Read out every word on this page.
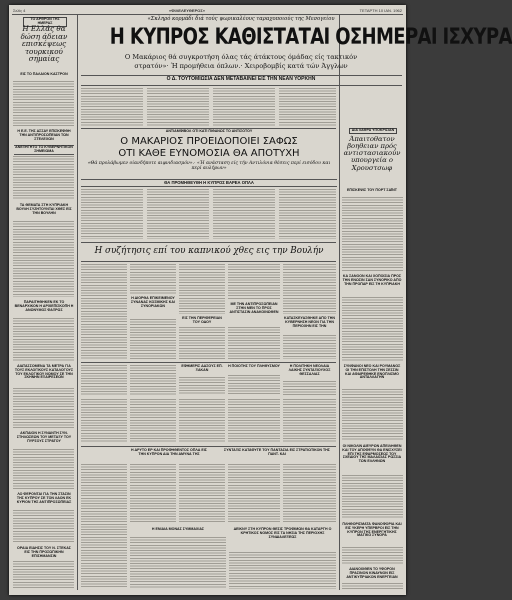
Σελίς 4	«ΦΙΛΕΛΕΥΘΕΡΟΣ»	ΤΕΤΑΡΤΗ 10 ΙΑΝ. 1962
ΤΟ ΑΡΘΡΟΝ ΤΗΣ ΗΜΕΡΑΣ
Η Ελλάς θα δώση άδειαν επισκέψεως τουρκικού σημαίας
ΕΙΣ ΤΟ ΠΑΛΑΙΟΝ ΚΑΣΤΡΟΝ
Η Ε.Ε. ΤΗΣ ΑΣΣΑΥ ΕΠΙΣΚΕΦΘΗ ΤΗΝ ΑΝΤΙΠΡΟΣΩΠΕΙΑΝ ΤΩΝ ΣΤΕΛΕΧΩΝ
ΑΝΕΞΗΓΗΤΟ ΤΟ ΚΥΒΕΡΝΗΤΙΚΟΝ ΣΗΜΕΙΩΜΑ
ΤΑ ΘΕΜΑΤΑ ΣΤΗ ΚΥΠΡΙΑΚΗ ΒΟΥΛΗ ΣΥΖΗΤΟΥΝΤΑΙ ΧΘΕΣ ΕΙΣ ΤΗΝ ΒΟΥΛΗΝ
ΠΑΡΑΙΤΗΘΗΚΕΝ ΕΚ ΤΟ ΒΕΝΑΡΧΙΚΟΝ Η ΑΡΧΙΕΠΙΣΚΟΠΗ Η ΑΝΩΝΥΜΟΣ ΦΑΞΡΩΣ
ΔΙΑΤΑΣΣΟΜΕΝΑ ΤΑ ΜΕΤΡΑ ΓΙΑ ΤΟΥΣ ΕΚΛΟΓΙΚΟΥΣ ΚΑΤΑΛΟΓΟΥΣ ΤΟΥ ΕΚΛΟΓΙΚΟΥ ΝΟΜΟΥ ΣΕ ΤΗΝ ΣΚΗΝΗΝ ΕΞΑΙΡΕΣΕΩΝ
ΑΚΠΑΙΟΝ Η ΣΥΝΑΝΤΗ ΣΥΝ. ΣΤΗΛΩΣΕΩΝ ΤΟΥ ΜΕΤΑΞΥ ΤΟΥ ΠΥΡΣΟΥΣ ΣΤΡΑΤΟΥ
ΛΟ ΦΕΡΟΝΤΑΙ ΓΙΑ ΤΗΝ ΣΤΑΣΙΝ ΤΗΣ ΚΥΠΡΟΥ ΣΕ ΤΟΝ ΛΑΟΝ ΕΚ ΚΥΡΙΟΝ ΤΗΣ ΑΝΤΙΠΡΟΣΩΠΕΙΑΣ
ΟΡΑΙΑ ΕΙΔΗΣΙΣ ΤΟΥ Ν. ΣΤΕΚΑΣ ΕΙΣ ΤΗΝ ΠΡΟΣΩΠΙΚΗΝ ΕΠΙΣΗΜΑΝΣΙΝ
«Σκληρό κορμάδι διά τούς ψωρικαλέους ταραχοποιούς της Μεσογείου
Η ΚΥΠΡΟΣ ΚΑΘΙΣΤΑΤΑΙ ΟΣΗΜΕΡΑΙ ΙΣΧΥΡΑ
Ο Μακάριος θά συγκροτήση όλας τάς άτάκτους όμάδας είς τακτικόν
στρατόν»· Ή προμήθεια όπλων.· Χειροβομβίς κατά τών Άγγλων
Ο Δ. ΤΟΥΤΟΜΙΩΣΙΑ ΔΕΝ ΜΕΤΑΒΑΙΝΕΙ ΕΙΣ ΤΗΝ ΝΕΑΝ ΥΟΡΚΗΝ
ΑΝΤΙΑΜΦΙΒΟΛ ΟΤΙ ΚΑΤΙ ΠΙΘΑΝΩΣ ΤΟ ΑΝΤΙΣΟΤΟΥ
Ο ΜΑΚΑΡΙΟΣ ΠΡΟΕΙΔΟΠΟΙΕΙ ΣΑΦΩΣ
ΟΤΙ ΚΑΘΕ ΕΥΝΟΜΟΣΙΑ ΘΑ ΑΠΟΤΥΧΗ
«Θά προλάβωμεν οίανδήποτε αιφνιδιασμόν».· «Ή ανάσταση είς τήν Αντιλόνια θέσεις περί εισόδου και περί αυλήρων»
ΘΑ ΠΡΟΜΗΘΕΥΘΗ Η ΚΥΠΡΟΣ ΒΑΡΕΑ ΟΠΛΑ
Η συζήτησις επί του καπνικού χθες εις την Βουλήν
Η ΔΙΟΡΘΑ ΕΠΙΚΕΙΜΕΝΟΥ ΣΥΝΑΝΑΣ ΚΟΣΜΙΚΗΣ ΚΑΙ ΣΥΝΟΡΙΑΚΩΝ	ΜΕ ΤΗΝ ΑΝΤΙΠΡΟΣΩΠΕΙΑΝ ΣΤΗΝ ΜΕΝ ΤΟ ΠΡΟΣ ΑΝΤΙΣΤΑΣΙΝ ΑΝΑΚΟΙΝΩΘΕΝ
ΕΙΣ ΤΗΝ ΠΕΡΙΦΕΡΕΙΑΝ ΤΟΥ ΟΔΟΥ
ΚΑΤΑΣΚΕΥΑΣΘΗΚΕ ΑΠΟ ΤΗΝ ΚΥΒΕΡΝΗΣΗ ΝΕΟΝ ΓΙΑ ΤΗΝ ΠΕΡΙΟΧΗΝ ΕΙΣ ΤΗΝ
ΕΦΗΜΕΡΙΣ ΔΑΣΟΥΣ ΕΠ. ΞΑΚΑΝ
Η ΠΟΙΟΤΗΣ ΤΟΥ ΠΛΗΘΥΣΜΟΥ	Η ΠΟΛΙΤΗΚΗ ΝΕΟΛΑΙΑ ΛΑΙΚΗΣ ΣΥΝΤΑΞΙΟΥΧΟΣ ΘΕΣΣΑΛΙΑΣ
Η ΔΡΥΤΟ ΕΡ ΚΑΙ ΠΡΟΦΗΘΕΝΤΟΣ ΟΠΛΑ ΕΙΣ ΤΗΝ ΚΥΠΡΟΝ ΔΙΑ ΤΗΝ ΑΜΥΝΑ ΤΗΣ
ΣΥΝΤΑΞΙΣ ΚΑΤΑΦΥΓΕ ΤΟΥ ΠΑΝΤΑΣΙΑ ΕΙΣ ΣΤΡΑΤΙΩΤΙΚΟΝ ΤΗΣ ΠΑΝΤ. ΚΑΙ
Η ΕΝΙΑΙΑ ΜΟΝΑΣ ΣΥΜΜΑΧΙΑΣ	ΔΕΙΚΝΥ ΣΤΗ ΚΥΠΡΟΝ ΘΕΣΙΣ ΤΡΟΦΙΜΩΝ ΘΑ ΚΑΤΑΡΓΗ Ο ΚΡΗΤΙΚΟΣ ΝΟΜΟΣ ΕΙΣ ΤΑ ΝΗΣΙΑ ΤΗΣ ΠΕΡΙΟΧΗΣ ΣΥΝΔΙΑΛΕΞΕΩΣ
ΔΙΑ ΛΑΘΡΑ ΥΠΟΚΡΙΣΙΑΝ
Άπαιτοθατον βοηθειαν πρός αντιστασιακούν υπουργεία ο Χρουστσωφ
ΕΠΙΣΚΕΨΙΣ ΤΟΥ ΠΟΡΤ ΣΑΪΝΤ
ΚΑ ΣΑΝΟΟΝ ΚΑΙ ΧΟΠΟΙΣΙΑ ΠΡΟΣ ΤΗΝ ΕΝΩΣΙΝ ΣΑΝ ΣΥΝΟΡΙΚΟ ΑΠΟ ΤΗΝ ΠΡΟΠΑΡ ΕΙΣ ΤΗ ΚΥΠΡΙΑΚΗ
ΣΥΝΦΑΝΟΙ ΝΕΟ ΚΑΙ ΡΟΥΜΑΝΟΣ ΟΙ ΤΗΝ ΕΠΙΣΤΟΛΗ ΤΗΝ ΣΕΣΣΙΝ ΚΑΙ ΑΦΑΙΡΕΘΗΚΕ ΕΝΟΠΛΙΣΜΟ ΑΝΤΑΛΛΑΓΗΝ
ΟΙ ΝΙΚΟΛΙΝ ΔΙΕΥΡΩΝ ΑΠΕΙΛΗΘΕΝ ΚΑΙ ΤΟΥ ΑΠΟΦΕΥΝ ΘΑ ΕΝΙΣΧΥΣΕΙ ΕΠΙ ΤΗΣ ΕΦΑΡΜΟΣΕΩΣ ΤΟΥ ΣΧΕΔΙΟΥ ΤΗΣ ΜΑΛΑΙΣΙΑΣ ΡΩΣΣΙΑ ΤΩΝ ΕΛΛΗΝΩΝ
ΠΛΗΘΟΡΙΣΜΑΤΑ ΦΑΝΟΦΟΡΙΑ ΚΑΙ ΕΙΣ ΥΚΕΡΗ ΥΠΕΡΒΡΟΙ ΕΙΣ ΤΗΝ ΚΥΠΡΟΝ ΤΗΣ ΕΝΕΡΓΗΤΙΚΗΣ ΜΑΓΙΚΟ ΣΥΝΟΡΑ
ΔΙΑΝΟΙΧΘΕΝ ΤΟ ΥΦΟΡΟΝ ΠΡΑΣΙΝΟΝ ΚΙΝΔΥΝΟΝ ΕΙΣ ΑΝΤΙΚΥΠΡΙΑΚΟΝ ΕΝΕΡΓΕΙΑΝ
